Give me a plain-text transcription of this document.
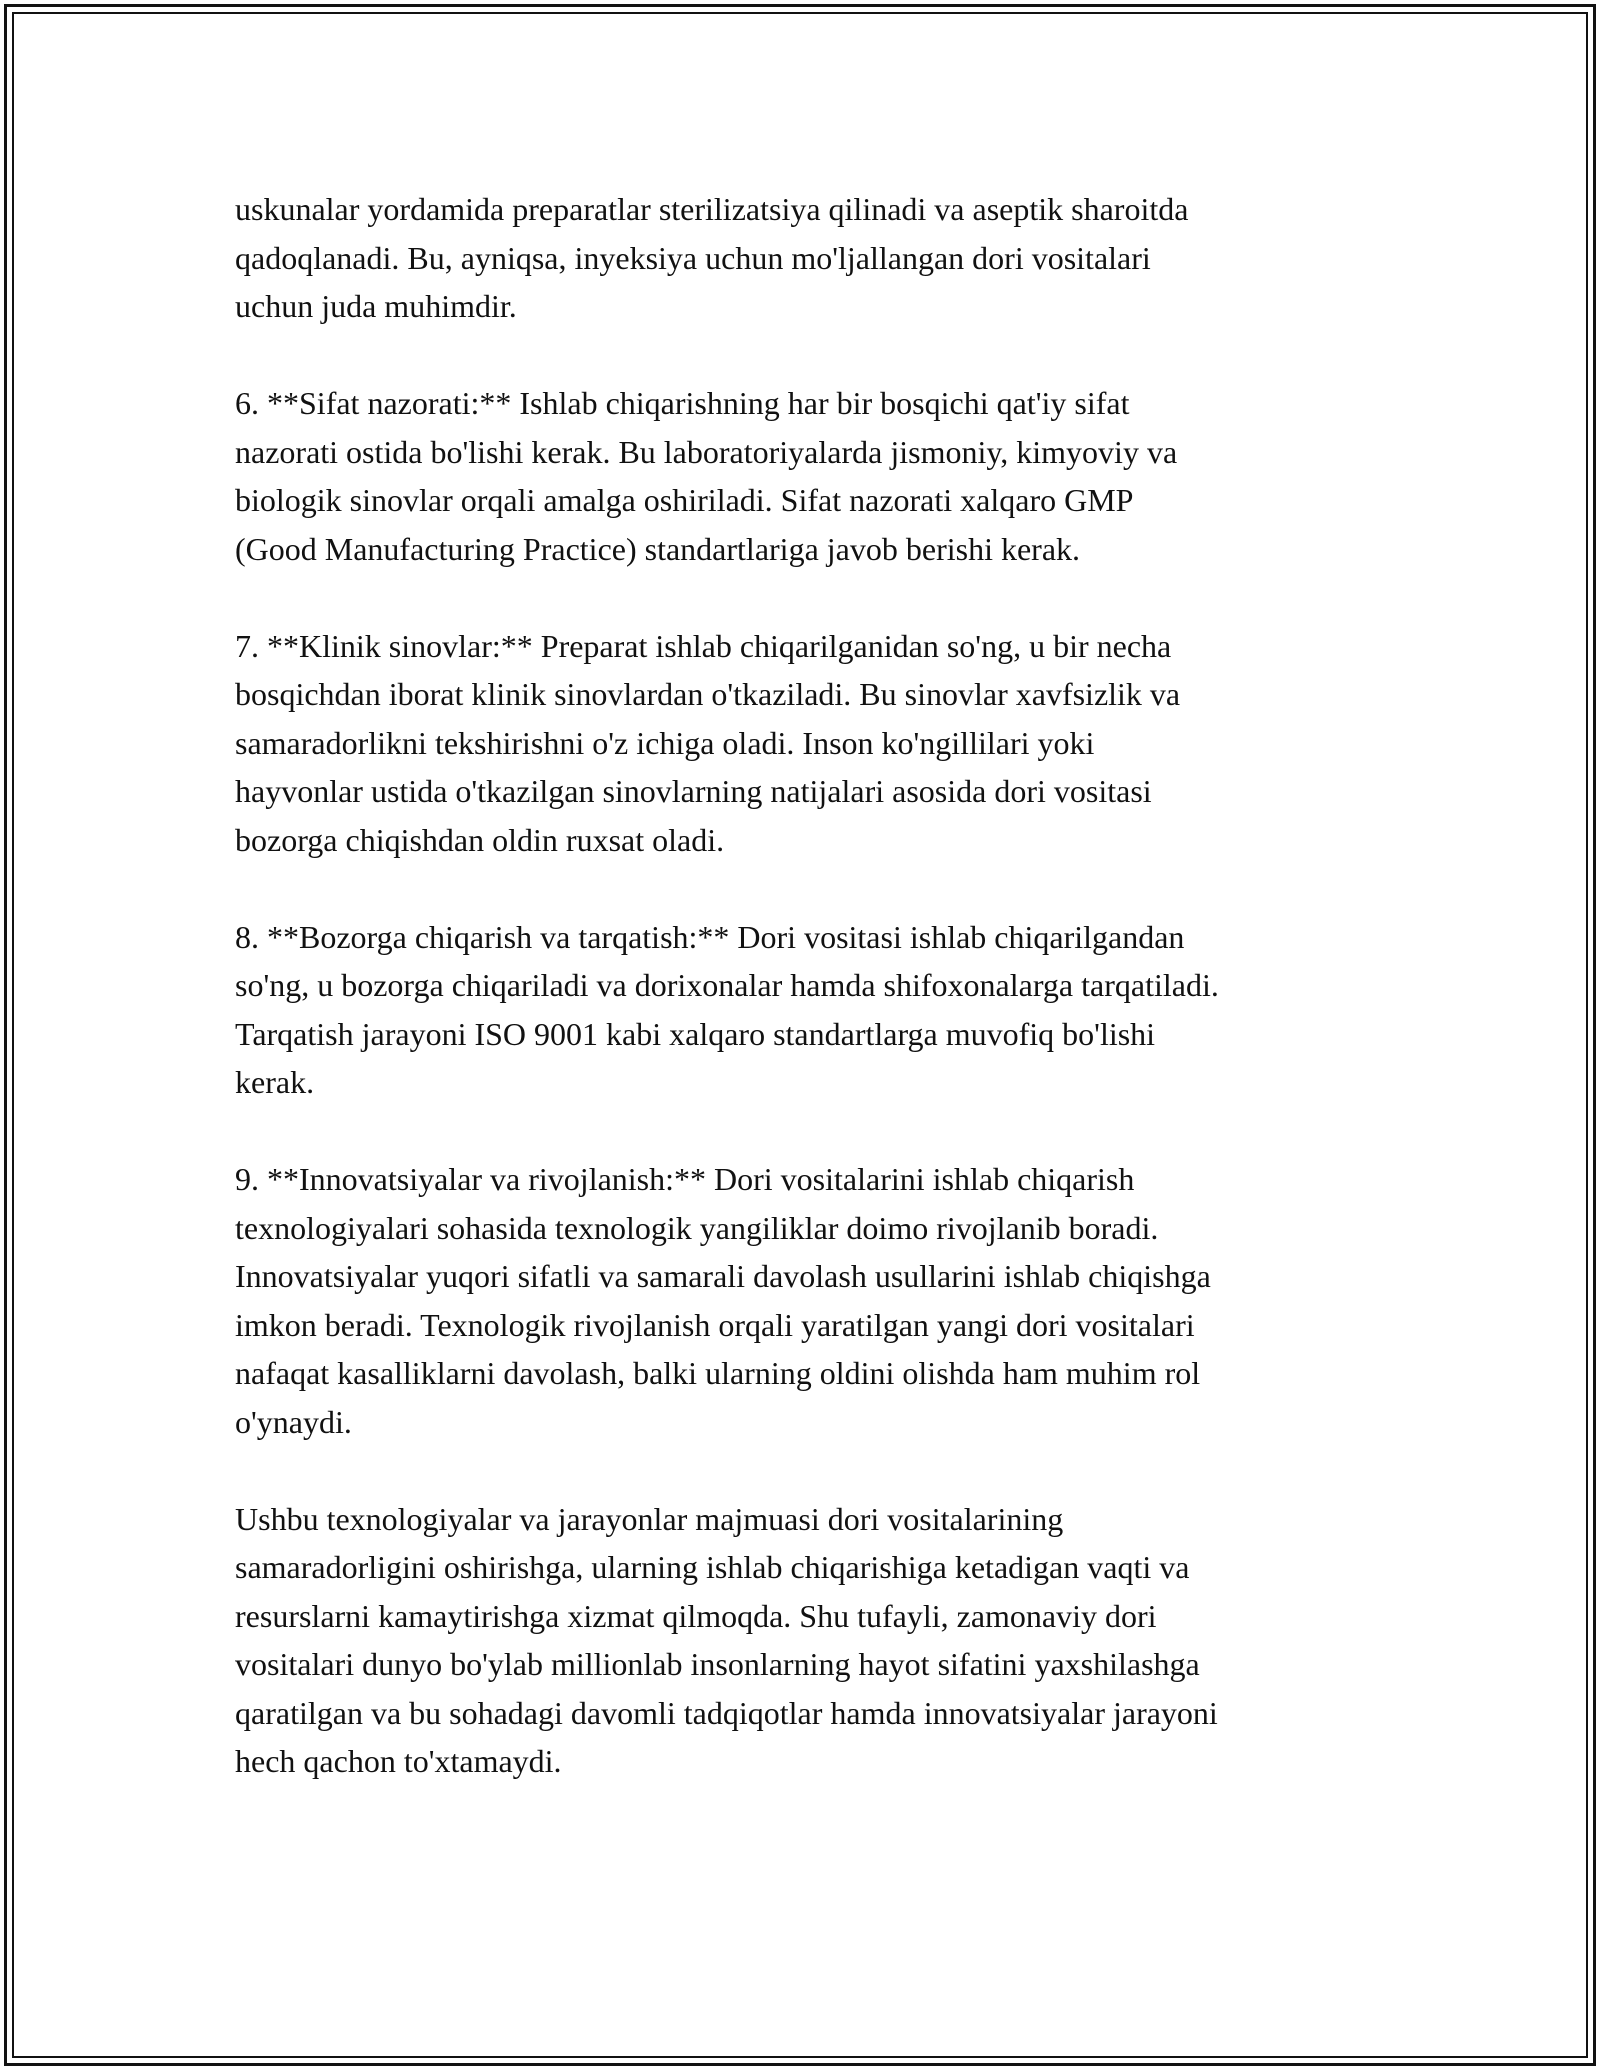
uskunalar yordamida preparatlar sterilizatsiya qilinadi va aseptik sharoitda
qadoqlanadi. Bu, ayniqsa, inyeksiya uchun mo'ljallangan dori vositalari
uchun juda muhimdir.

6. **Sifat nazorati:** Ishlab chiqarishning har bir bosqichi qat'iy sifat
nazorati ostida bo'lishi kerak. Bu laboratoriyalarda jismoniy, kimyoviy va
biologik sinovlar orqali amalga oshiriladi. Sifat nazorati xalqaro GMP
(Good Manufacturing Practice) standartlariga javob berishi kerak.

7. **Klinik sinovlar:** Preparat ishlab chiqarilganidan so'ng, u bir necha
bosqichdan iborat klinik sinovlardan o'tkaziladi. Bu sinovlar xavfsizlik va
samaradorlikni tekshirishni o'z ichiga oladi. Inson ko'ngillilari yoki
hayvonlar ustida o'tkazilgan sinovlarning natijalari asosida dori vositasi
bozorga chiqishdan oldin ruxsat oladi.

8. **Bozorga chiqarish va tarqatish:** Dori vositasi ishlab chiqarilgandan
so'ng, u bozorga chiqariladi va dorixonalar hamda shifoxonalarga tarqatiladi.
Tarqatish jarayoni ISO 9001 kabi xalqaro standartlarga muvofiq bo'lishi
kerak.

9. **Innovatsiyalar va rivojlanish:** Dori vositalarini ishlab chiqarish
texnologiyalari sohasida texnologik yangiliklar doimo rivojlanib boradi.
Innovatsiyalar yuqori sifatli va samarali davolash usullarini ishlab chiqishga
imkon beradi. Texnologik rivojlanish orqali yaratilgan yangi dori vositalari
nafaqat kasalliklarni davolash, balki ularning oldini olishda ham muhim rol
o'ynaydi.

Ushbu texnologiyalar va jarayonlar majmuasi dori vositalarining
samaradorligini oshirishga, ularning ishlab chiqarishiga ketadigan vaqti va
resurslarni kamaytirishga xizmat qilmoqda. Shu tufayli, zamonaviy dori
vositalari dunyo bo'ylab millionlab insonlarning hayot sifatini yaxshilashga
qaratilgan va bu sohadagi davomli tadqiqotlar hamda innovatsiyalar jarayoni
hech qachon to'xtamaydi.
